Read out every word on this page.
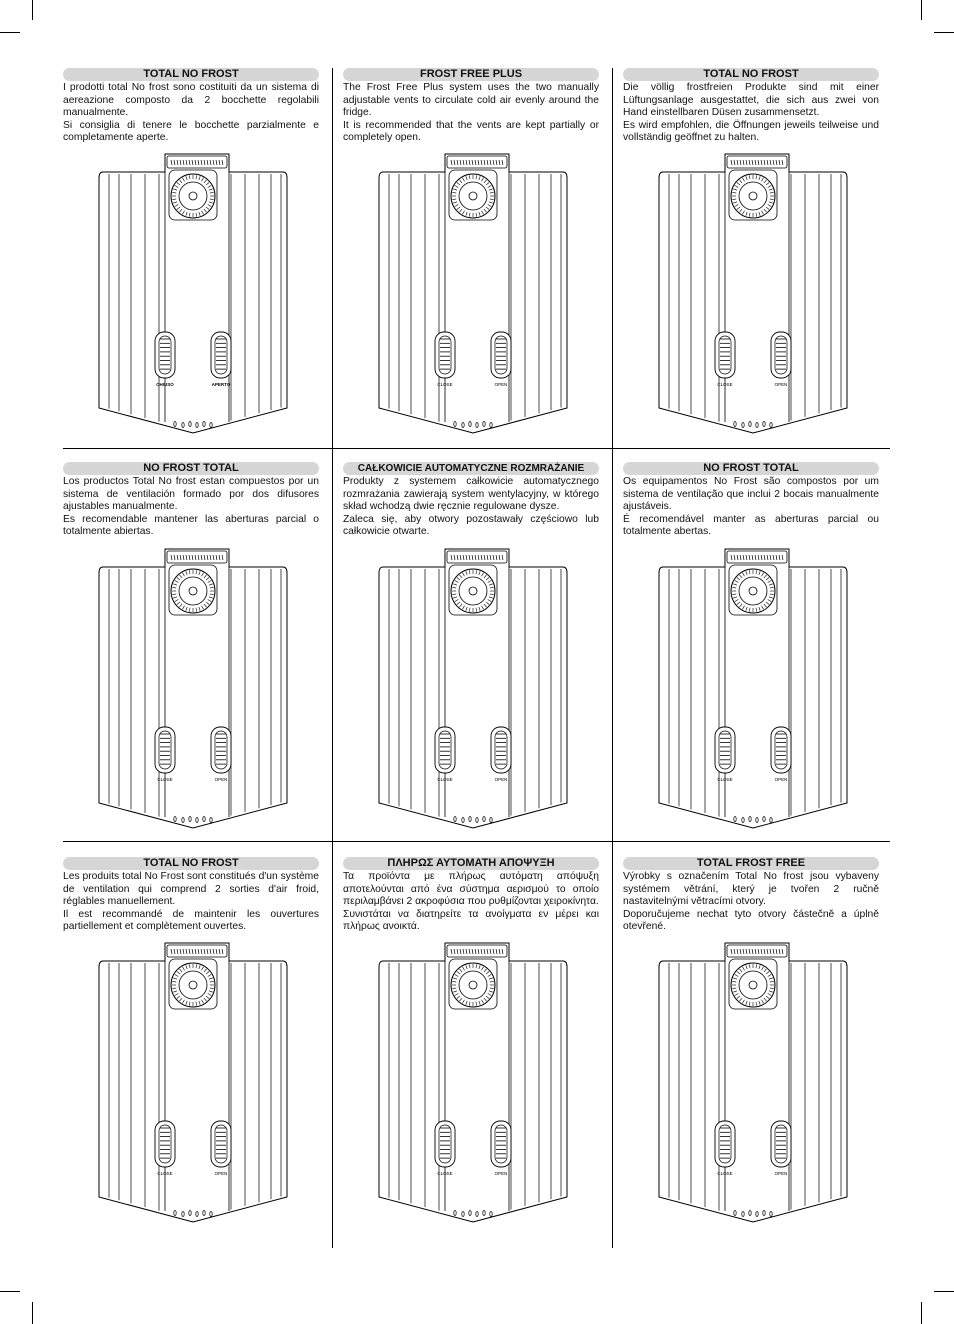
TOTAL NO FROST

I prodotti total No frost sono costituiti da un sistema di aereazione composto da 2 bocchette regolabili manualmente.

Si consiglia di tenere le bocchette parzialmente e completamente aperte.

FROST FREE PLUS

The Frost Free Plus system uses the two manually adjustable vents to circulate cold air evenly around the fridge.

It is recommended that the vents are kept partially or completely open.

TOTAL NO FROST

Die völlig frostfreien Produkte sind mit einer Lüftungsanlage ausgestattet, die sich aus zwei von Hand einstellbaren Düsen zusammensetzt.

Es wird empfohlen, die Öffnungen jeweils teilweise und vollständig geöffnet zu halten.

NO FROST TOTAL

Los productos Total No frost estan compuestos por un sistema de ventilación formado por dos difusores ajustables manualmente.

Es recomendable mantener las aberturas parcial o totalmente abiertas.

CAŁKOWICIE AUTOMATYCZNE ROZMRAŻANIE

Produkty z systemem całkowicie automatycznego rozmrażania zawierają system wentylacyjny, w którego skład wchodzą dwie ręcznie regulowane dysze.

Zaleca się, aby otwory pozostawały częściowo lub całkowicie otwarte.

NO FROST TOTAL

Os equipamentos No Frost são compostos por um sistema de ventilação que inclui 2 bocais manualmente ajustáveis.

É recomendável manter as aberturas parcial ou totalmente abertas.

TOTAL NO FROST

Les produits total No Frost sont constitués d'un système de ventilation qui comprend 2 sorties d'air froid, réglables manuellement.

Il est recommandé de maintenir les ouvertures partiellement et complètement ouvertes.

ΠΛΗΡΩΣ ΑΥΤΟΜΑΤΗ ΑΠΟΨΥΞΗ

Τα προϊόντα με πλήρως αυτόματη απόψυξη αποτελούνται από ένα σύστημα αερισμού το οποίο περιλαμβάνει 2 ακροφύσια που ρυθμίζονται χειροκίνητα.

Συνιστάται να διατηρείτε τα ανοίγματα εν μέρει και πλήρως ανοικτά.

TOTAL FROST FREE

Výrobky s označením Total No frost jsou vybaveny systémem větrání, který je tvořen 2 ručně nastavitelnými větracími otvory.

Doporučujeme nechat tyto otvory částečně a úplně otevřené.

CHIUSO	APERTO	CLOSE	OPEN	CLOSE	OPEN
CLOSE	OPEN	CLOSE	OPEN	CLOSE	OPEN
CLOSE	OPEN	CLOSE	OPEN	CLOSE	OPEN
